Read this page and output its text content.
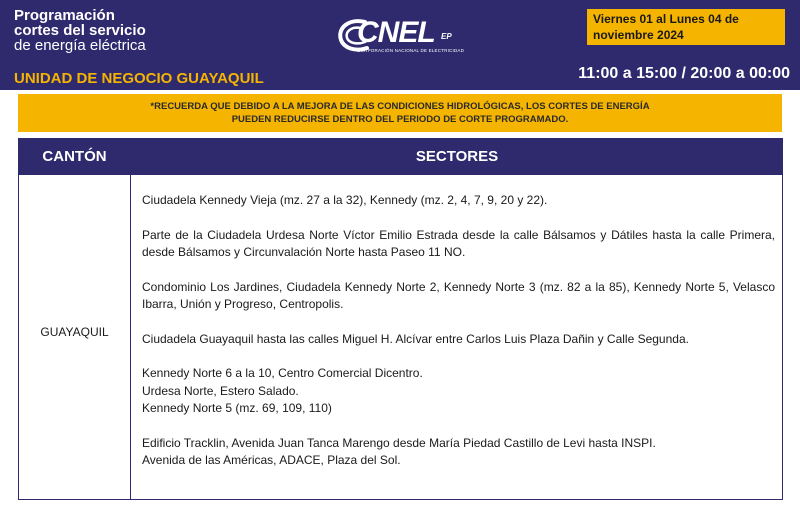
Programación
cortes del servicio
de energía eléctrica
UNIDAD DE NEGOCIO GUAYAQUIL
CNEL EP
CORPORACIÓN NACIONAL DE ELECTRICIDAD
Viernes 01 al Lunes 04 de
noviembre 2024
11:00 a 15:00 / 20:00 a 00:00
*RECUERDA QUE DEBIDO A LA MEJORA DE LAS CONDICIONES HIDROLÓGICAS, LOS CORTES DE ENERGÍA
PUEDEN REDUCIRSE DENTRO DEL PERIODO DE CORTE PROGRAMADO.
CANTÓN	SECTORES
GUAYAQUIL

Ciudadela Kennedy Vieja (mz. 27 a la 32), Kennedy (mz. 2, 4, 7, 9, 20 y 22).

Parte de la Ciudadela Urdesa Norte Víctor Emilio Estrada desde la calle Bálsamos y Dátiles hasta la calle Primera, desde Bálsamos y Circunvalación Norte hasta Paseo 11 NO.

Condominio Los Jardines, Ciudadela Kennedy Norte 2, Kennedy Norte 3 (mz. 82 a la 85), Kennedy Norte 5, Velasco Ibarra, Unión y Progreso, Centropolis.

Ciudadela Guayaquil hasta las calles Miguel H. Alcívar entre Carlos Luis Plaza Dañin y Calle Segunda.

Kennedy Norte 6 a la 10, Centro Comercial Dicentro.

Urdesa Norte, Estero Salado.

Kennedy Norte 5 (mz. 69, 109, 110)

Edificio Tracklin, Avenida Juan Tanca Marengo desde María Piedad Castillo de Levi hasta INSPI.

Avenida de las Américas, ADACE, Plaza del Sol.
